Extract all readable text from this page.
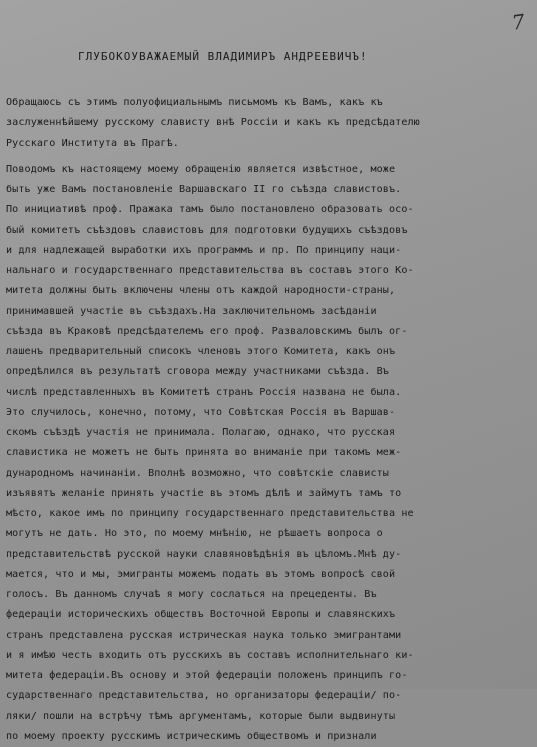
7
ГЛУБОКОУВАЖАЕМЫЙ ВЛАДИМИРЪ АНДРЕЕВИЧЪ!
Обращаюсь съ этимъ полуофициальнымъ письмомъ къ Вамъ, какъ къ
заслуженнѣйшему русскому слависту внѣ Россiи и какъ къ предсѣдателю
Русскаго Института въ Прагѣ.
Поводомъ къ настоящему моему обращенiю является извѣстное, може
быть уже Вамъ постановленiе Варшавскаго II го съѣзда славистовъ.
По инициативѣ проф. Пражака тамъ было постановлено образовать осо-
бый комитетъ съѣздовъ славистовъ для подготовки будущихъ съѣздовъ
и для надлежащей выработки ихъ программъ и пр. По принципу наци-
нальнаго и государственнаго представительства въ составъ этого Ко-
митета должны быть включены члены отъ каждой народности-страны,
принимавшей участiе въ съѣздахъ.На заключительномъ засѣданiи
съѣзда въ Краковѣ предсѣдателемъ его проф. Разваловскимъ былъ ог-
лашенъ предварительный списокъ членовъ этого Комитета, какъ онъ
опредѣлился въ результатѣ сговора между участниками съѣзда. Въ
числѣ представленныхъ въ Комитетѣ странъ Россiя названа не была.
Это случилось, конечно, потому, что Совѣтская Россiя въ Варшав-
скомъ съѣздѣ участiя не принимала. Полагаю, однако, что русская
славистика не можетъ не быть принята во вниманiе при такомъ меж-
дународномъ начинанiи. Вполнѣ возможно, что совѣтскiе слависты
изъявятъ желанiе принять участiе въ этомъ дѣлѣ и займутъ тамъ то
мѣсто, какое имъ по принципу государственнаго представительства не
могутъ не дать. Но это, по моему мнѣнiю, не рѣшаетъ вопроса о
представительствѣ русской науки славяновѣдѣнiя въ цѣломъ.Мнѣ ду-
мается, что и мы, эмигранты можемъ подать въ этомъ вопросѣ свой
голосъ. Въ данномъ случаѣ я могу сослаться на прецеденты. Въ
федерацiи историческихъ обществъ Восточной Европы и славянскихъ
странъ представлена русская истрическая наука только эмигрантами
и я имѣю честь входить отъ русскихъ въ составъ исполнительнаго ки-
митета федерацiи.Въ основу и этой федерацiи положенъ принципъ го-
сударственнаго представительства, но организаторы федерацiи/ по-
ляки/ пошли на встрѣчу тѣмъ аргументамъ, которые были выдвинуты
по моему проекту русскимъ истрическимъ обществомъ и признали
